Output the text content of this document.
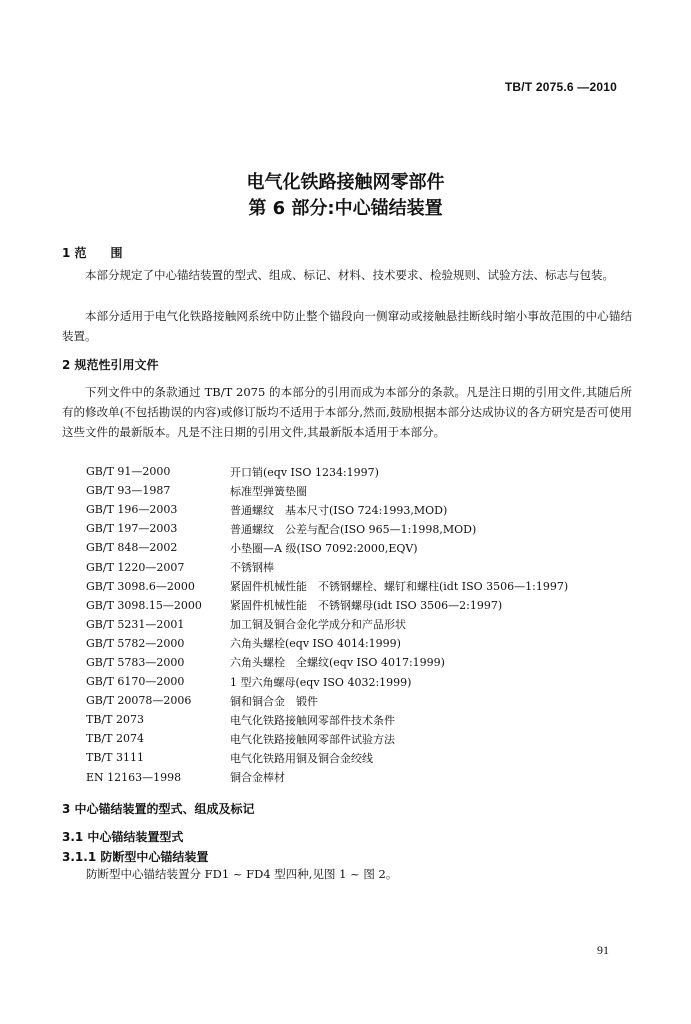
TB/T 2075.6 —2010
电气化铁路接触网零部件
第 6 部分:中心锚结装置
1 范　　围
本部分规定了中心锚结装置的型式、组成、标记、材料、技术要求、检验规则、试验方法、标志与包装。
本部分适用于电气化铁路接触网系统中防止整个锚段向一侧窜动或接触悬挂断线时缩小事故范围的中心锚结装置。
2 规范性引用文件
下列文件中的条款通过 TB/T 2075 的本部分的引用而成为本部分的条款。凡是注日期的引用文件,其随后所有的修改单(不包括勘误的内容)或修订版均不适用于本部分,然而,鼓励根据本部分达成协议的各方研究是否可使用这些文件的最新版本。凡是不注日期的引用文件,其最新版本适用于本部分。
GB/T 91—2000	开口销(eqv ISO 1234:1997)
GB/T 93—1987	标准型弹簧垫圈
GB/T 196—2003	普通螺纹　基本尺寸(ISO 724:1993,MOD)
GB/T 197—2003	普通螺纹　公差与配合(ISO 965—1:1998,MOD)
GB/T 848—2002	小垫圈—A 级(ISO 7092:2000,EQV)
GB/T 1220—2007	不锈钢棒
GB/T 3098.6—2000	紧固件机械性能　不锈钢螺栓、螺钉和螺柱(idt ISO 3506—1:1997)
GB/T 3098.15—2000	紧固件机械性能　不锈钢螺母(idt ISO 3506—2:1997)
GB/T 5231—2001	加工铜及铜合金化学成分和产品形状
GB/T 5782—2000	六角头螺栓(eqv ISO 4014:1999)
GB/T 5783—2000	六角头螺栓　全螺纹(eqv ISO 4017:1999)
GB/T 6170—2000	1 型六角螺母(eqv ISO 4032:1999)
GB/T 20078—2006	铜和铜合金　锻件
TB/T 2073	电气化铁路接触网零部件技术条件
TB/T 2074	电气化铁路接触网零部件试验方法
TB/T 3111	电气化铁路用铜及铜合金绞线
EN 12163—1998	铜合金棒材
3 中心锚结装置的型式、组成及标记
3.1 中心锚结装置型式
3.1.1 防断型中心锚结装置
防断型中心锚结装置分 FD1 ~ FD4 型四种,见图 1 ~ 图 2。
91
